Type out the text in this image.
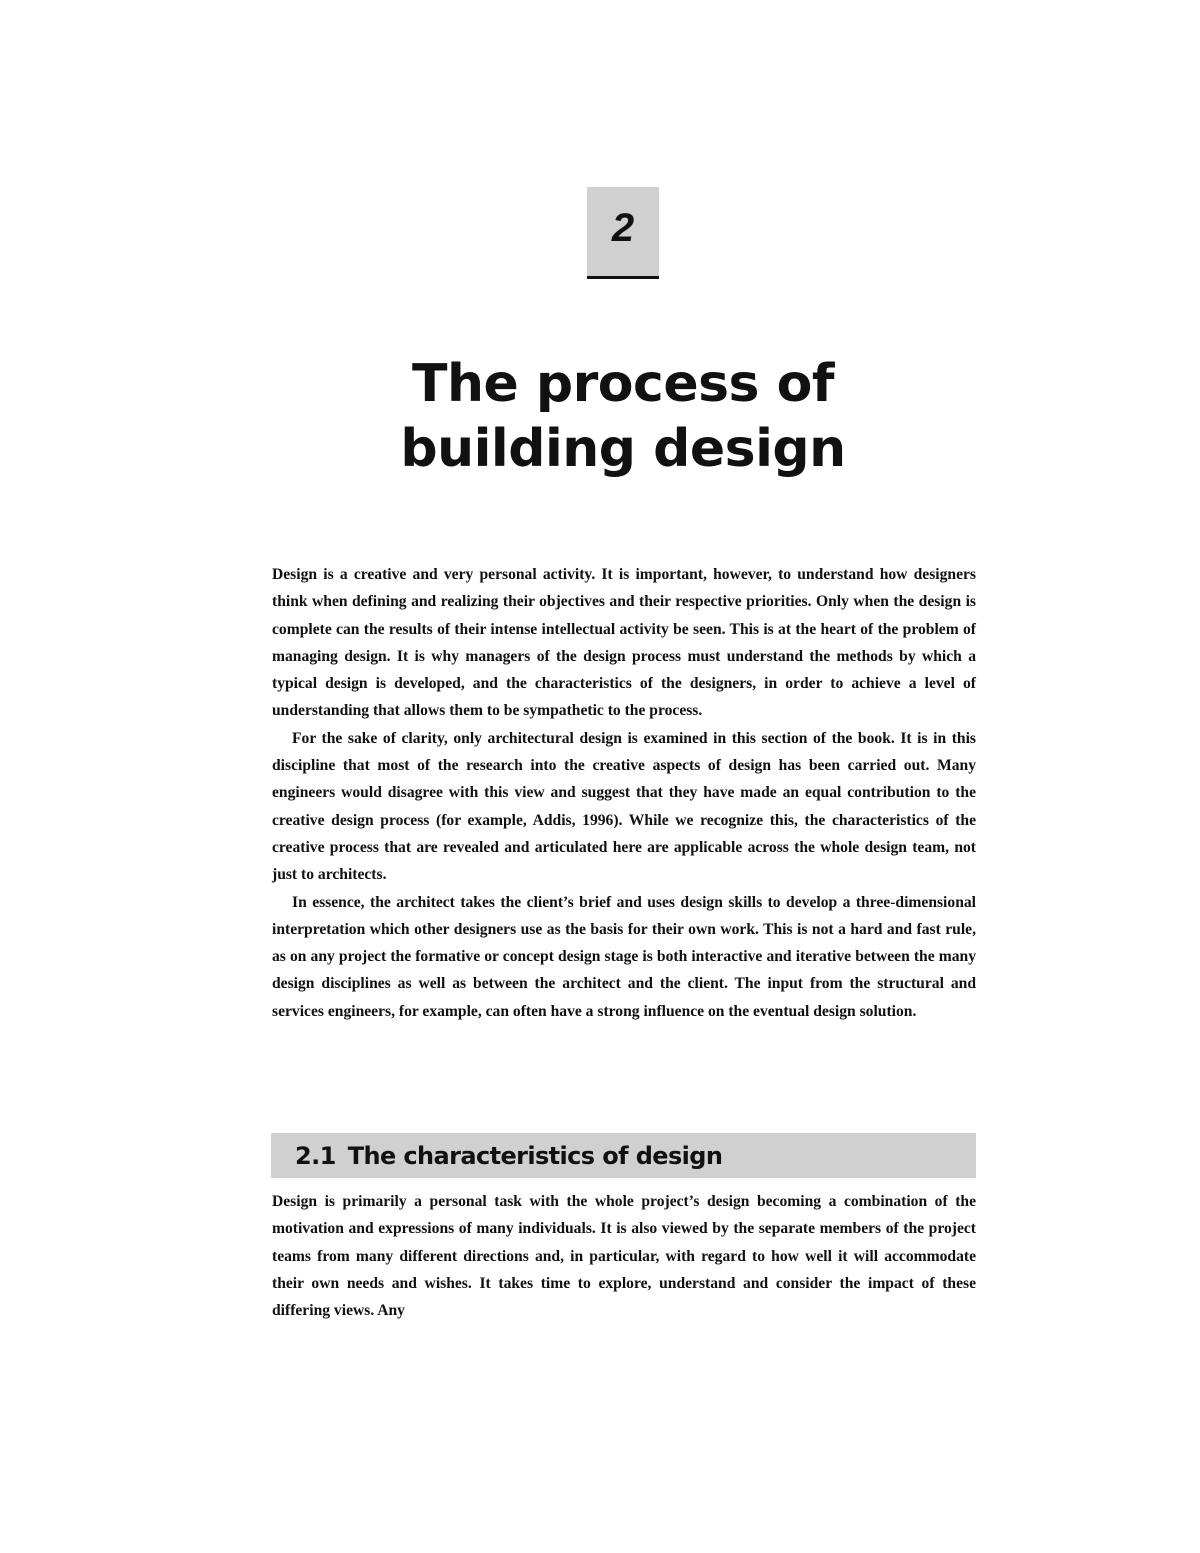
2
The process of
building design

Design is a creative and very personal activity. It is important, however, to understand how designers think when defining and realizing their objectives and their respective priorities. Only when the design is complete can the results of their intense intellectual activity be seen. This is at the heart of the problem of managing design. It is why managers of the design process must understand the methods by which a typical design is developed, and the characteristics of the designers, in order to achieve a level of understanding that allows them to be sympathetic to the process.

For the sake of clarity, only architectural design is examined in this section of the book. It is in this discipline that most of the research into the creative aspects of design has been carried out. Many engineers would disagree with this view and suggest that they have made an equal contribution to the creative design process (for example, Addis, 1996). While we recognize this, the characteristics of the creative process that are revealed and articulated here are applicable across the whole design team, not just to architects.

In essence, the architect takes the client’s brief and uses design skills to develop a three-dimensional interpretation which other designers use as the basis for their own work. This is not a hard and fast rule, as on any project the formative or concept design stage is both interactive and iterative between the many design disciplines as well as between the architect and the client. The input from the structural and services engineers, for example, can often have a strong influence on the eventual design solution.

2.1 The characteristics of design

Design is primarily a personal task with the whole project’s design becoming a combination of the motivation and expressions of many individuals. It is also viewed by the separate members of the project teams from many different directions and, in particular, with regard to how well it will accommodate their own needs and wishes. It takes time to explore, understand and consider the impact of these differing views. Any
